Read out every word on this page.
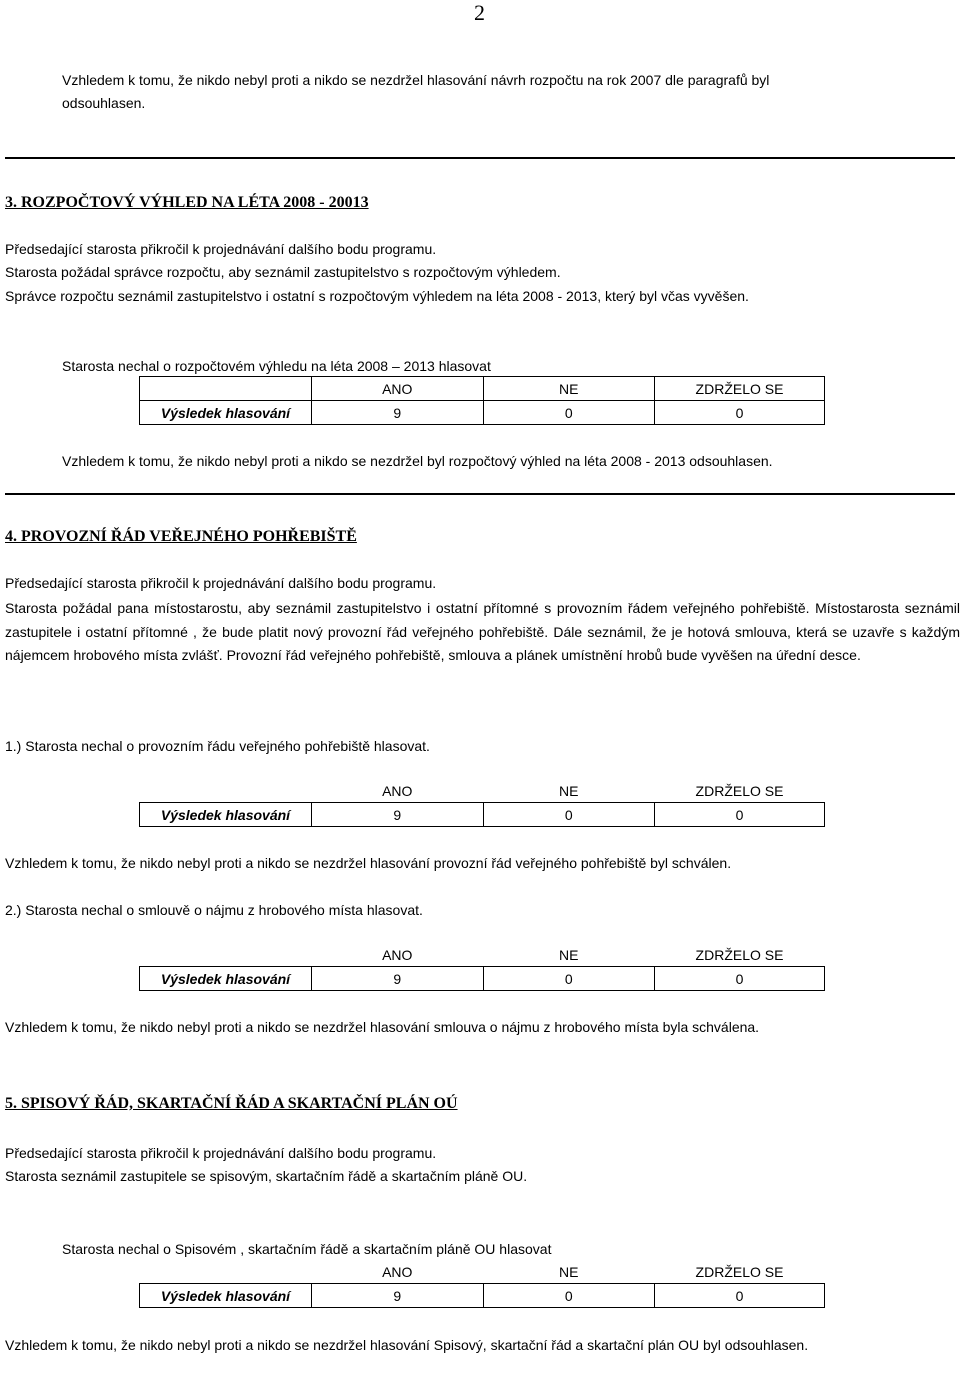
2
Vzhledem k tomu, že nikdo nebyl proti a nikdo se nezdržel hlasování návrh rozpočtu na rok 2007 dle paragrafů byl
odsouhlasen.
3. ROZPOČTOVÝ VÝHLED NA LÉTA 2008 - 20013
Předsedající starosta přikročil k projednávání dalšího bodu programu.
Starosta požádal správce rozpočtu, aby seznámil zastupitelstvo s rozpočtovým výhledem.
Správce rozpočtu seznámil zastupitelstvo i ostatní s rozpočtovým výhledem na léta 2008 - 2013, který byl včas vyvěšen.
Starosta nechal o rozpočtovém výhledu na léta 2008 – 2013 hlasovat
	ANO	NE	ZDRŽELO SE
Výsledek hlasování	9	0	0
Vzhledem k tomu, že nikdo nebyl proti a nikdo se nezdržel byl rozpočtový výhled na léta 2008 - 2013 odsouhlasen.
4. PROVOZNÍ ŘÁD VEŘEJNÉHO POHŘEBIŠTĚ
Předsedající starosta přikročil k projednávání dalšího bodu programu.
Starosta požádal pana místostarostu, aby seznámil zastupitelstvo i ostatní přítomné s provozním řádem veřejného pohřebiště. Místostarosta seznámil zastupitele i ostatní přítomné , že bude platit nový provozní řád veřejného pohřebiště. Dále seznámil, že je hotová smlouva, která se uzavře s každým nájemcem hrobového místa zvlášť. Provozní řád veřejného pohřebiště, smlouva a plánek umístnění hrobů bude vyvěšen na úřední desce.
1.) Starosta nechal o provozním řádu veřejného pohřebiště hlasovat.
	ANO	NE	ZDRŽELO SE
Výsledek hlasování	9	0	0
Vzhledem k tomu, že nikdo nebyl proti a nikdo se nezdržel hlasování provozní řád veřejného pohřebiště byl schválen.
2.) Starosta nechal o smlouvě o nájmu z hrobového místa hlasovat.
	ANO	NE	ZDRŽELO SE
Výsledek hlasování	9	0	0
Vzhledem k tomu, že nikdo nebyl proti a nikdo se nezdržel hlasování smlouva o nájmu z hrobového místa byla schválena.
5. SPISOVÝ ŘÁD, SKARTAČNÍ ŘÁD A SKARTAČNÍ PLÁN OÚ
Předsedající starosta přikročil k projednávání dalšího bodu programu.
Starosta seznámil zastupitele se spisovým, skartačním řádě a skartačním pláně OU.
Starosta nechal o Spisovém , skartačním řádě a skartačním pláně OU hlasovat
	ANO	NE	ZDRŽELO SE
Výsledek hlasování	9	0	0
Vzhledem k tomu, že nikdo nebyl proti a nikdo se nezdržel hlasování Spisový, skartační řád a skartační plán OU byl odsouhlasen.
